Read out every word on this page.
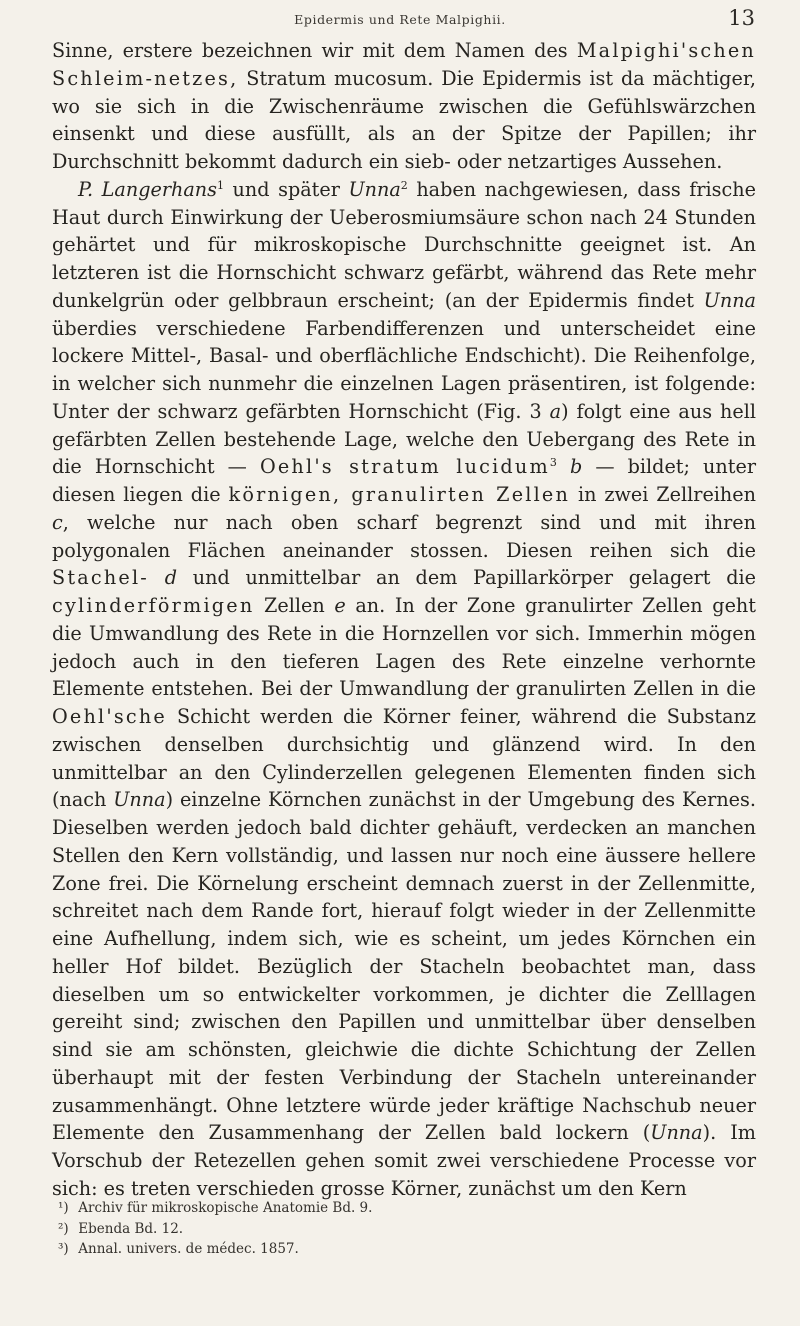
Epidermis und Rete Malpighii.	13

Sinne, erstere bezeichnen wir mit dem Namen des Malpighi'schen Schleim-netzes, Stratum mucosum. Die Epidermis ist da mächtiger, wo sie sich in die Zwischenräume zwischen die Gefühlswärzchen einsenkt und diese ausfüllt, als an der Spitze der Papillen; ihr Durchschnitt bekommt dadurch ein sieb- oder netzartiges Aussehen.

P. Langerhans$^1$ und später Unna$^2$ haben nachgewiesen, dass frische Haut durch Einwirkung der Ueberosmiumsäure schon nach 24 Stunden gehärtet und für mikroskopische Durchschnitte geeignet ist. An letzteren ist die Hornschicht schwarz gefärbt, während das Rete mehr dunkelgrün oder gelbbraun erscheint; (an der Epidermis findet Unna überdies verschiedene Farbendifferenzen und unterscheidet eine lockere Mittel-, Basal- und oberflächliche Endschicht). Die Reihenfolge, in welcher sich nunmehr die einzelnen Lagen präsentiren, ist folgende: Unter der schwarz gefärbten Hornschicht (Fig. 3 a) folgt eine aus hell gefärbten Zellen bestehende Lage, welche den Uebergang des Rete in die Hornschicht — Oehl's stratum lucidum$^3$ b — bildet; unter diesen liegen die körnigen, granulirten Zellen in zwei Zellreihen c, welche nur nach oben scharf begrenzt sind und mit ihren polygonalen Flächen aneinander stossen. Diesen reihen sich die Stachel- d und unmittelbar an dem Papillarkörper gelagert die cylinderförmigen Zellen e an. In der Zone granulirter Zellen geht die Umwandlung des Rete in die Hornzellen vor sich. Immerhin mögen jedoch auch in den tieferen Lagen des Rete einzelne verhornte Elemente entstehen. Bei der Umwandlung der granulirten Zellen in die Oehl'sche Schicht werden die Körner feiner, während die Substanz zwischen denselben durchsichtig und glänzend wird. In den unmittelbar an den Cylinderzellen gelegenen Elementen finden sich (nach Unna) einzelne Körnchen zunächst in der Umgebung des Kernes. Dieselben werden jedoch bald dichter gehäuft, verdecken an manchen Stellen den Kern vollständig, und lassen nur noch eine äussere hellere Zone frei. Die Körnelung erscheint demnach zuerst in der Zellenmitte, schreitet nach dem Rande fort, hierauf folgt wieder in der Zellenmitte eine Aufhellung, indem sich, wie es scheint, um jedes Körnchen ein heller Hof bildet. Bezüglich der Stacheln beobachtet man, dass dieselben um so entwickelter vorkommen, je dichter die Zelllagen gereiht sind; zwischen den Papillen und unmittelbar über denselben sind sie am schönsten, gleichwie die dichte Schichtung der Zellen überhaupt mit der festen Verbindung der Stacheln untereinander zusammenhängt. Ohne letztere würde jeder kräftige Nachschub neuer Elemente den Zusammenhang der Zellen bald lockern (Unna). Im Vorschub der Retezellen gehen somit zwei verschiedene Processe vor sich: es treten verschieden grosse Körner, zunächst um den Kern

¹) Archiv für mikroskopische Anatomie Bd. 9.
²) Ebenda Bd. 12.
³) Annal. univers. de médec. 1857.
